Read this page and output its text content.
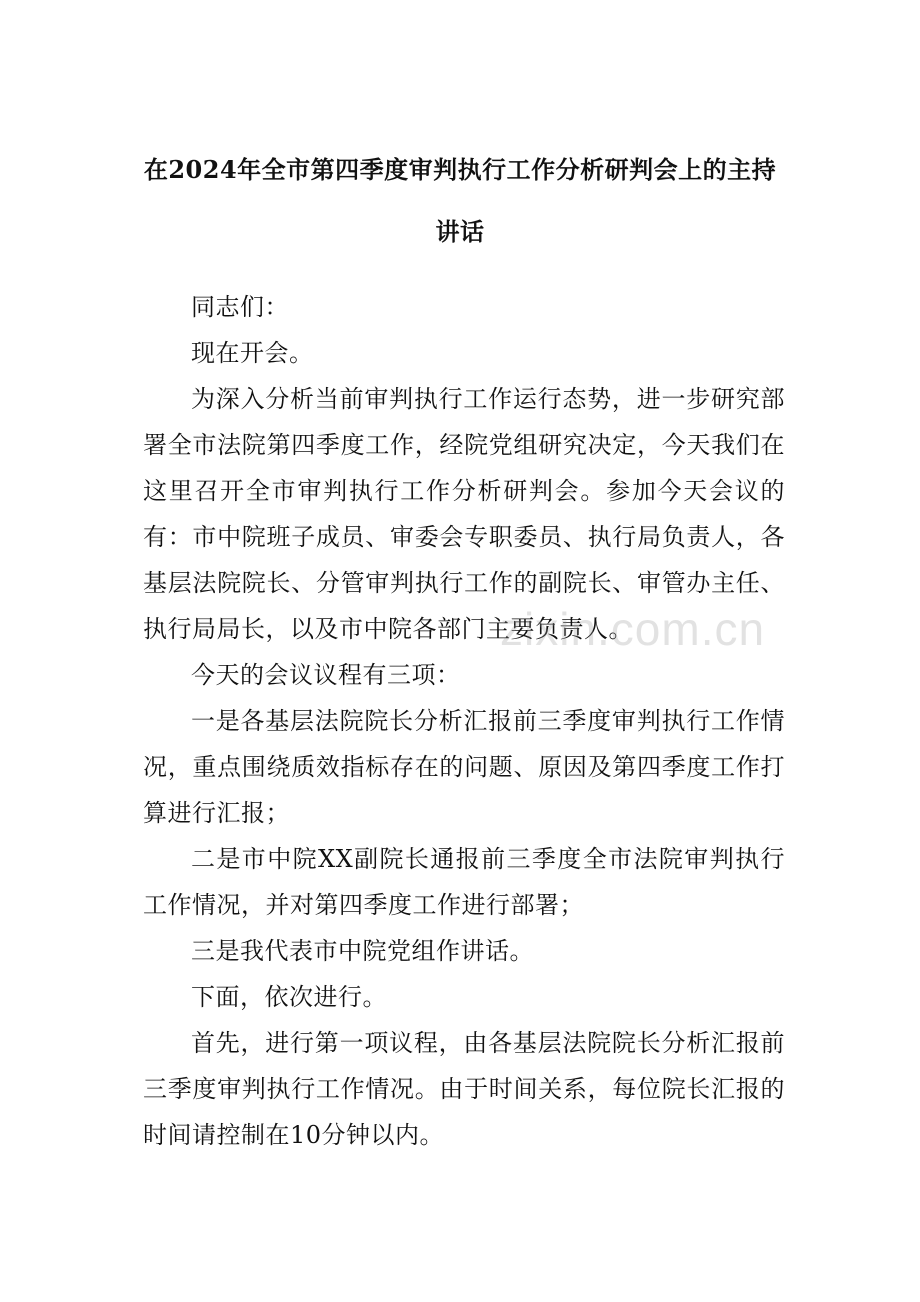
在2024年全市第四季度审判执行工作分析研判会上的主持
讲话

同志们：

现在开会。

为深入分析当前审判执行工作运行态势，进一步研究部署全市法院第四季度工作，经院党组研究决定，今天我们在这里召开全市审判执行工作分析研判会。参加今天会议的有：市中院班子成员、审委会专职委员、执行局负责人，各基层法院院长、分管审判执行工作的副院长、审管办主任、执行局局长，以及市中院各部门主要负责人。

今天的会议议程有三项：

一是各基层法院院长分析汇报前三季度审判执行工作情况，重点围绕质效指标存在的问题、原因及第四季度工作打算进行汇报；

二是市中院XX副院长通报前三季度全市法院审判执行工作情况，并对第四季度工作进行部署；

三是我代表市中院党组作讲话。

下面，依次进行。

首先，进行第一项议程，由各基层法院院长分析汇报前三季度审判执行工作情况。由于时间关系，每位院长汇报的时间请控制在10分钟以内。

zixin.com.cn
